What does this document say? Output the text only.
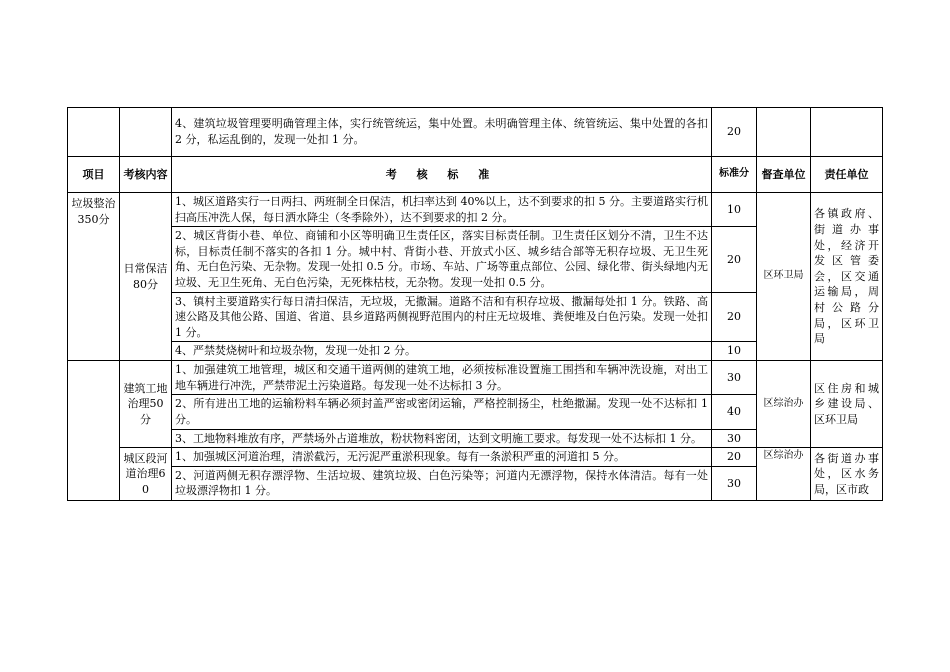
		4、建筑垃圾管理要明确管理主体，实行统管统运，集中处置。未明确管理主体、统管统运、集中处置的各扣 2 分，私运乱倒的，发现一处扣 1 分。	20		
项目	考核内容	考 核 标 准	标准分	督查单位	责任单位
垃圾整治350分	日常保洁80分	1、城区道路实行一日两扫、两班制全日保洁，机扫率达到 40%以上，达不到要求的扣 5 分。主要道路实行机扫高压冲洗人保，每日洒水降尘（冬季除外），达不到要求的扣 2 分。	10	区环卫局	各镇政府、街道办事处，经济开发区管委会，区交通运输局，周村公路分局，区环卫局
		2、城区背街小巷、单位、商铺和小区等明确卫生责任区，落实目标责任制。卫生责任区划分不清，卫生不达标，目标责任制不落实的各扣 1 分。城中村、背街小巷、开放式小区、城乡结合部等无积存垃圾、无卫生死角、无白色污染、无杂物。发现一处扣 0.5 分。市场、车站、广场等重点部位、公园、绿化带、街头绿地内无垃圾、无卫生死角、无白色污染，无死株枯枝，无杂物。发现一处扣 0.5 分。	20		
		3、镇村主要道路实行每日清扫保洁，无垃圾，无撒漏。道路不洁和有积存垃圾、撒漏每处扣 1 分。铁路、高速公路及其他公路、国道、省道、县乡道路两侧视野范围内的村庄无垃圾堆、粪便堆及白色污染。发现一处扣 1 分。	20		
		4、严禁焚烧树叶和垃圾杂物，发现一处扣 2 分。	10		
	建筑工地治理50分	1、加强建筑工地管理，城区和交通干道两侧的建筑工地，必须按标准设置施工围挡和车辆冲洗设施，对出工地车辆进行冲洗，严禁带泥土污染道路。每发现一处不达标扣 3 分。	30	区综治办	区住房和城乡建设局、区环卫局
		2、所有进出工地的运输粉料车辆必须封盖严密或密闭运输，严格控制扬尘，杜绝撒漏。发现一处不达标扣 1 分。	40		
		3、工地物料堆放有序，严禁场外占道堆放，粉状物料密闭，达到文明施工要求。每发现一处不达标扣 1 分。	30		
	城区段河道治理60	1、加强城区河道治理，清淤截污，无污泥严重淤积现象。每有一条淤积严重的河道扣 5 分。	20	区综治办	各街道办事处，区水务局，区市政
		2、河道两侧无积存漂浮物、生活垃圾、建筑垃圾、白色污染等；河道内无漂浮物，保持水体清洁。每有一处垃圾漂浮物扣 1 分。	30		
